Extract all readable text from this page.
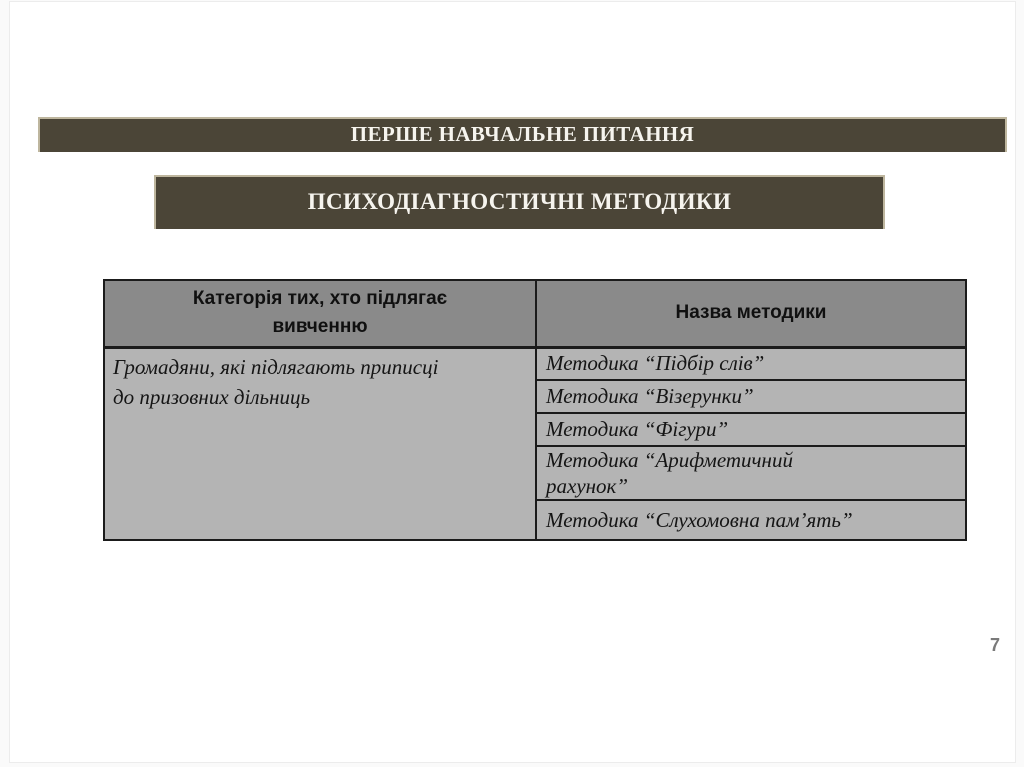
ПЕРШЕ НАВЧАЛЬНЕ ПИТАННЯ
ПСИХОДІАГНОСТИЧНІ МЕТОДИКИ
Категорія тих, хто підлягає вивченню	Назва методики

Громадяни, які підлягають приписці до призовних дільниць	Методика “Підбір слів”
	Методика “Візерунки”
	Методика “Фігури”
	Методика “Арифметичний рахунок”
	Методика “Слухомовна пам’ять”
7
